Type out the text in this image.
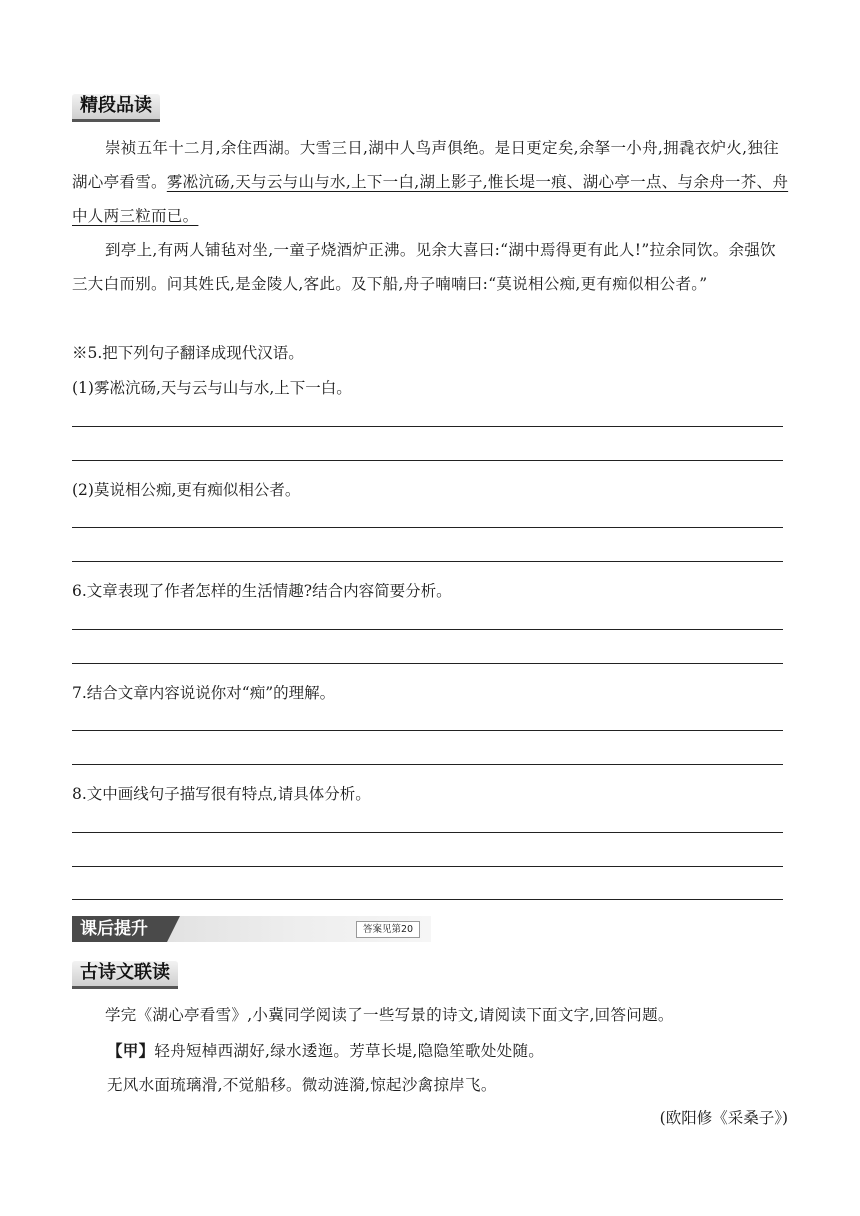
精段品读
崇祯五年十二月,余住西湖。大雪三日,湖中人鸟声俱绝。是日更定矣,余拏一小舟,拥毳衣炉火,独往湖心亭看雪。雾凇沆砀,天与云与山与水,上下一白,湖上影子,惟长堤一痕、湖心亭一点、与余舟一芥、舟中人两三粒而已。
到亭上,有两人铺毡对坐,一童子烧酒炉正沸。见余大喜曰:“湖中焉得更有此人!”拉余同饮。余强饮三大白而别。问其姓氏,是金陵人,客此。及下船,舟子喃喃曰:“莫说相公痴,更有痴似相公者。”
※5.把下列句子翻译成现代汉语。
(1)雾凇沆砀,天与云与山与水,上下一白。
(2)莫说相公痴,更有痴似相公者。
6.文章表现了作者怎样的生活情趣?结合内容简要分析。
7.结合文章内容说说你对“痴”的理解。
8.文中画线句子描写很有特点,请具体分析。
课后提升	答案见第20
古诗文联读
学完《湖心亭看雪》,小冀同学阅读了一些写景的诗文,请阅读下面文字,回答问题。
【甲】轻舟短棹西湖好,绿水逶迤。芳草长堤,隐隐笙歌处处随。
无风水面琉璃滑,不觉船移。微动涟漪,惊起沙禽掠岸飞。
(欧阳修《采桑子》)
